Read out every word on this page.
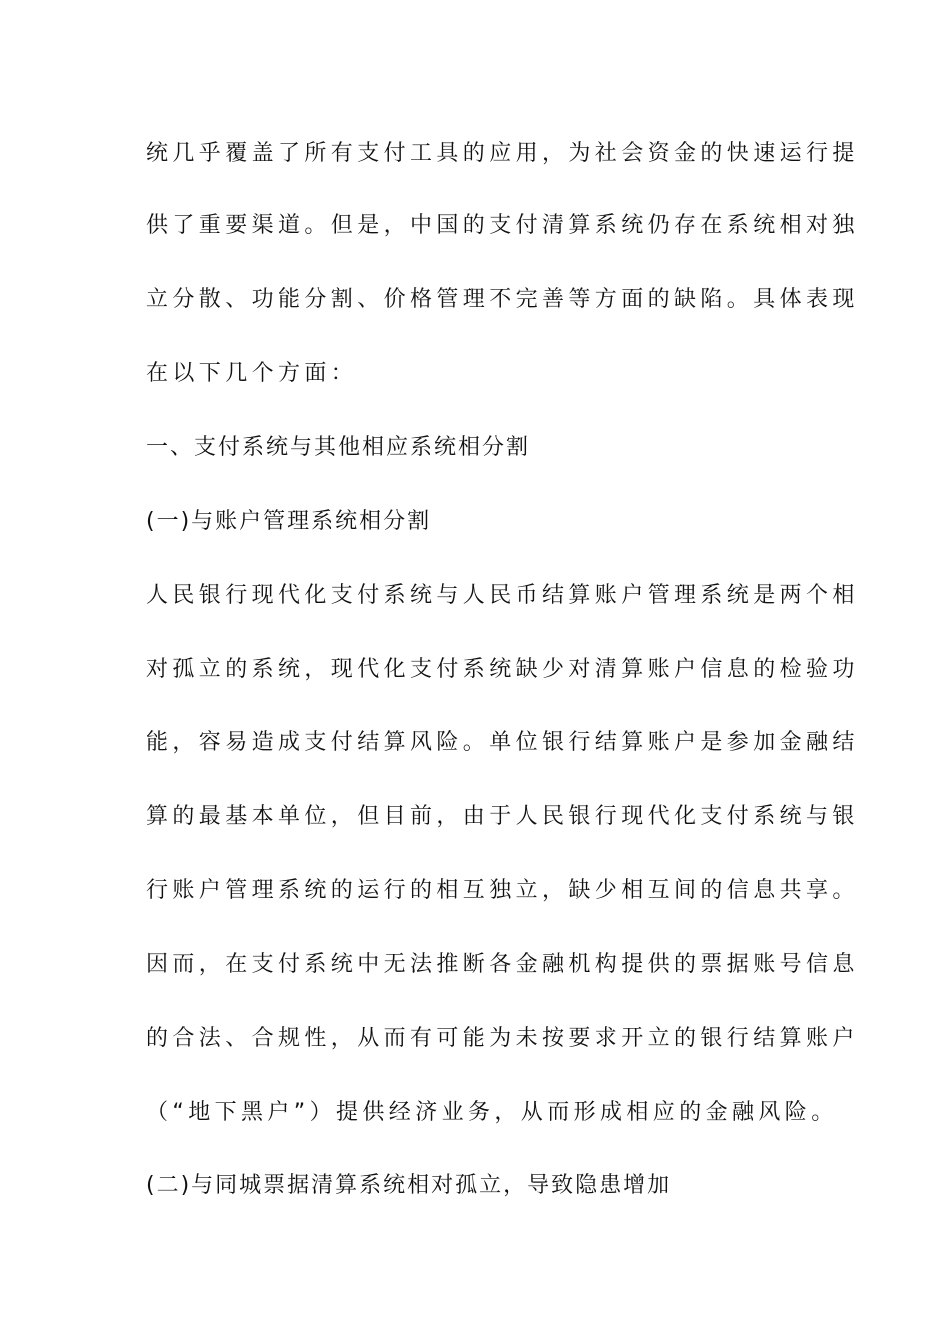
统几乎覆盖了所有支付工具的应用，为社会资金的快速运行提
供了重要渠道。但是，中国的支付清算系统仍存在系统相对独
立分散、功能分割、价格管理不完善等方面的缺陷。具体表现
在以下几个方面：
一、支付系统与其他相应系统相分割
(一)与账户管理系统相分割
人民银行现代化支付系统与人民币结算账户管理系统是两个相
对孤立的系统，现代化支付系统缺少对清算账户信息的检验功
能，容易造成支付结算风险。单位银行结算账户是参加金融结
算的最基本单位，但目前，由于人民银行现代化支付系统与银
行账户管理系统的运行的相互独立，缺少相互间的信息共享。
因而，在支付系统中无法推断各金融机构提供的票据账号信息
的合法、合规性，从而有可能为未按要求开立的银行结算账户
（“地下黑户”）提供经济业务，从而形成相应的金融风险。
(二)与同城票据清算系统相对孤立，导致隐患增加
